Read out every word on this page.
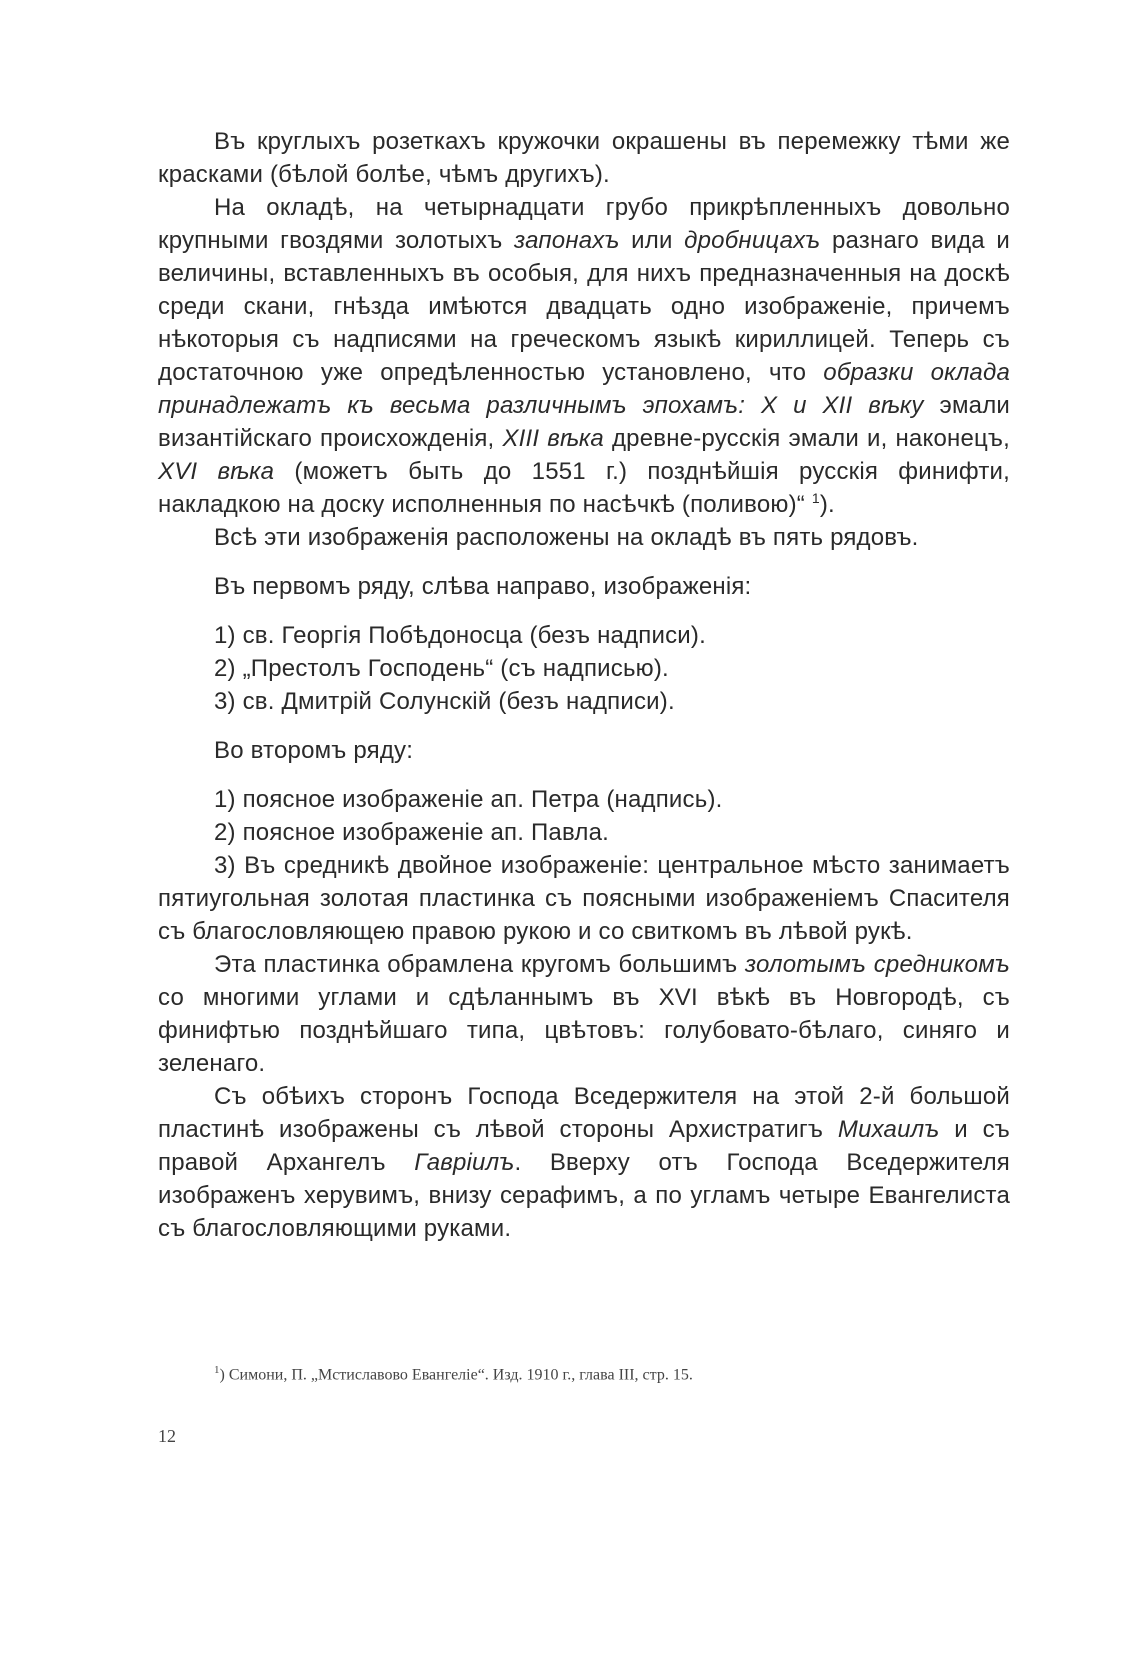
Въ круглыхъ розеткахъ кружочки окрашены въ перемежку тѣми же красками (бѣлой болѣе, чѣмъ другихъ).

На окладѣ, на четырнадцати грубо прикрѣпленныхъ довольно крупными гвоздями золотыхъ запонахъ или дробницахъ разнаго вида и величины, вставленныхъ въ особыя, для нихъ предназначенныя на доскѣ среди скани, гнѣзда имѣются двадцать одно изображенiе, причемъ нѣкоторыя съ надписями на греческомъ языкѣ кириллицей. Теперь съ достаточною уже опредѣленностью установлено, что образки оклада принадлежатъ къ весьма различнымъ эпохамъ: X и XII вѣку эмали византiйскаго происхожденiя, XIII вѣка древне-русскiя эмали и, наконецъ, XVI вѣка (можетъ быть до 1551 г.) позднѣйшiя русскiя финифти, накладкою на доску исполненныя по насѣчкѣ (поливою)“ $^1$).

Всѣ эти изображенiя расположены на окладѣ въ пять рядовъ.

Въ первомъ ряду, слѣва направо, изображенiя:

1) св. Георгiя Побѣдоносца (безъ надписи).

2) „Престолъ Господень“ (съ надписью).

3) св. Дмитрiй Солунскiй (безъ надписи).

Во второмъ ряду:

1) поясное изображенiе ап. Петра (надпись).

2) поясное изображенiе ап. Павла.

3) Въ средникѣ двойное изображенiе: центральное мѣсто занимаетъ пятиугольная золотая пластинка съ поясными изображенiемъ Спасителя съ благословляющею правою рукою и со свиткомъ въ лѣвой рукѣ.

Эта пластинка обрамлена кругомъ большимъ золотымъ средникомъ со многими углами и сдѣланнымъ въ XVI вѣкѣ въ Новгородѣ, съ финифтью позднѣйшаго типа, цвѣтовъ: голубовато-бѣлаго, синяго и зеленаго.

Съ обѣихъ сторонъ Господа Вседержителя на этой 2-й большой пластинѣ изображены съ лѣвой стороны Архистратигъ Михаилъ и съ правой Архангелъ Гаврiилъ. Вверху отъ Господа Вседержителя изображенъ херувимъ, внизу серафимъ, а по угламъ четыре Евангелиста съ благословляющими руками.

$^1$) Симони, П. „Мстиславово Евангелiе“. Изд. 1910 г., глава III, стр. 15.
12
